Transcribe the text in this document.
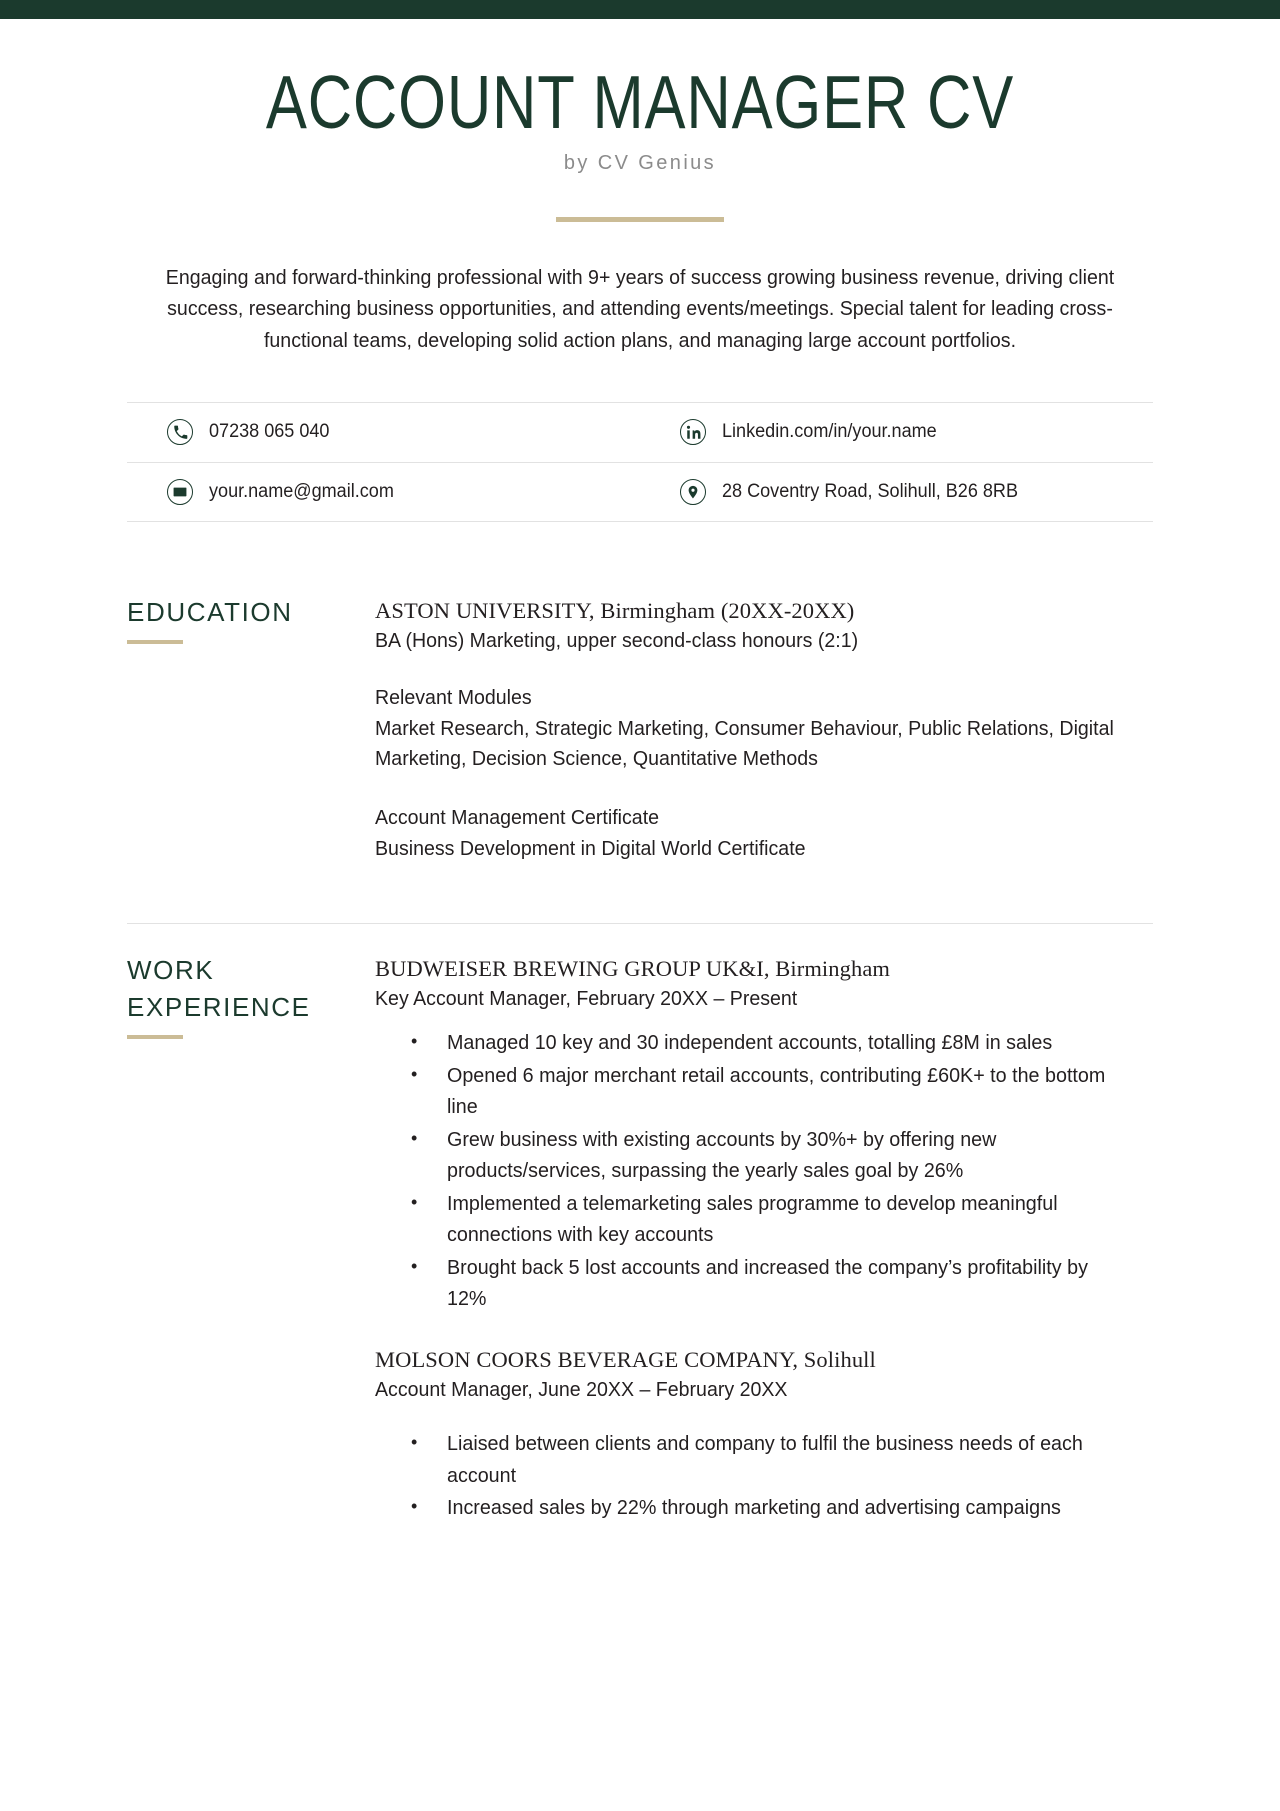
ACCOUNT MANAGER CV
by CV Genius
Engaging and forward-thinking professional with 9+ years of success growing business revenue, driving client success, researching business opportunities, and attending events/meetings. Special talent for leading cross-functional teams, developing solid action plans, and managing large account portfolios.
07238 065 040	Linkedin.com/in/your.name
your.name@gmail.com	28 Coventry Road, Solihull, B26 8RB
EDUCATION	ASTON UNIVERSITY, Birmingham (20XX-20XX)
BA (Hons) Marketing, upper second-class honours (2:1)
Relevant Modules
Market Research, Strategic Marketing, Consumer Behaviour, Public Relations, Digital Marketing, Decision Science, Quantitative Methods
Account Management Certificate
Business Development in Digital World Certificate
WORK
EXPERIENCE
BUDWEISER BREWING GROUP UK&I, Birmingham
Key Account Manager, February 20XX – Present
• Managed 10 key and 30 independent accounts, totalling £8M in sales
• Opened 6 major merchant retail accounts, contributing £60K+ to the bottom line
• Grew business with existing accounts by 30%+ by offering new products/services, surpassing the yearly sales goal by 26%
• Implemented a telemarketing sales programme to develop meaningful connections with key accounts
• Brought back 5 lost accounts and increased the company’s profitability by 12%
MOLSON COORS BEVERAGE COMPANY, Solihull
Account Manager, June 20XX – February 20XX
• Liaised between clients and company to fulfil the business needs of each account
• Increased sales by 22% through marketing and advertising campaigns
